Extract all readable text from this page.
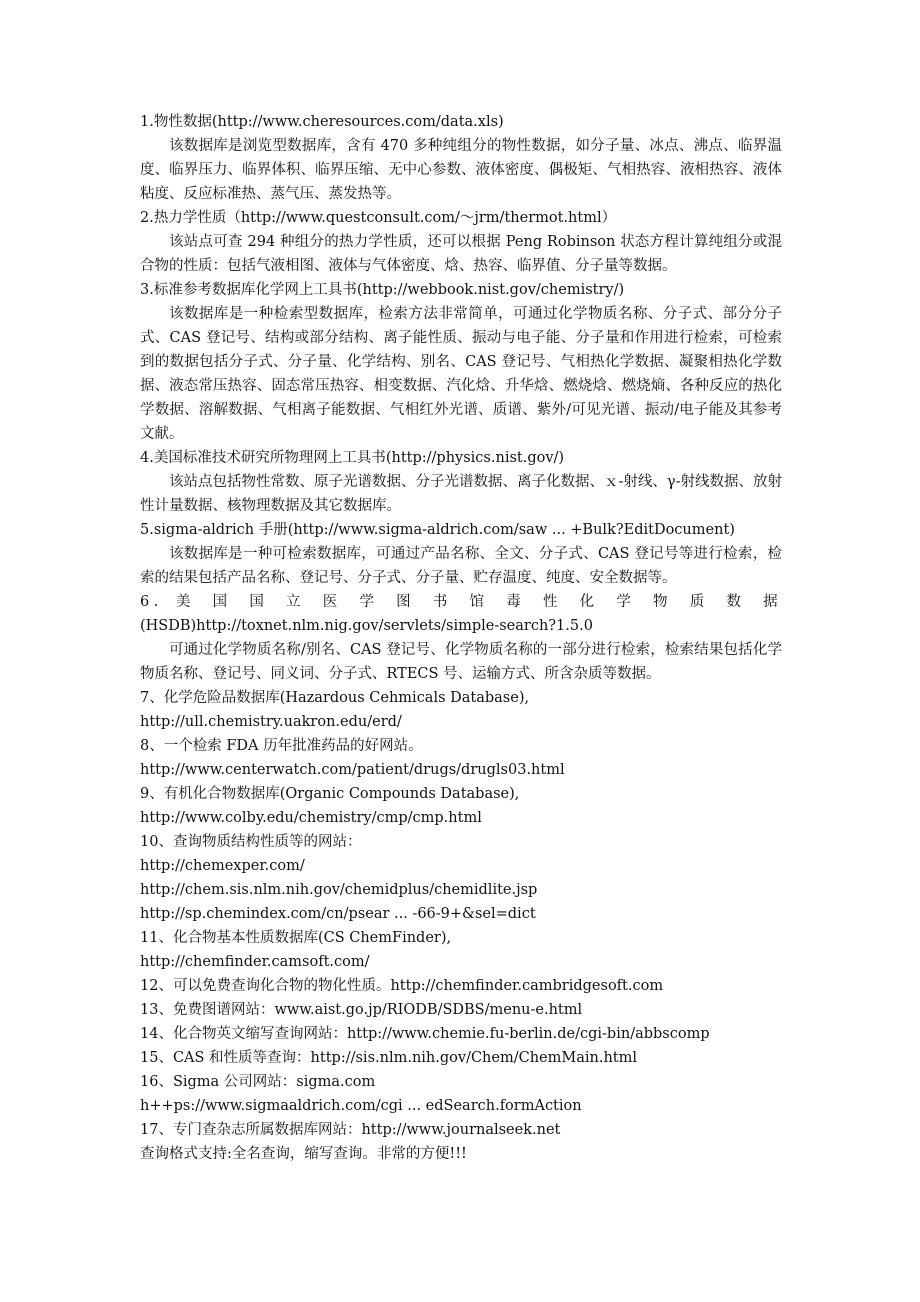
1.物性数据(http://www.cheresources.com/data.xls)
该数据库是浏览型数据库，含有 470 多种纯组分的物性数据，如分子量、冰点、沸点、临界温度、临界压力、临界体积、临界压缩、无中心参数、液体密度、偶极矩、气相热容、液相热容、液体粘度、反应标准热、蒸气压、蒸发热等。
2.热力学性质（http://www.questconsult.com/～jrm/thermot.html）
该站点可查 294 种组分的热力学性质，还可以根据 Peng Robinson 状态方程计算纯组分或混合物的性质：包括气液相图、液体与气体密度、焓、热容、临界值、分子量等数据。
3.标准参考数据库化学网上工具书(http://webbook.nist.gov/chemistry/)
该数据库是一种检索型数据库，检索方法非常简单，可通过化学物质名称、分子式、部分分子式、CAS 登记号、结构或部分结构、离子能性质、振动与电子能、分子量和作用进行检索，可检索到的数据包括分子式、分子量、化学结构、别名、CAS 登记号、气相热化学数据、凝聚相热化学数据、液态常压热容、固态常压热容、相变数据、汽化焓、升华焓、燃烧焓、燃烧熵、各种反应的热化学数据、溶解数据、气相离子能数据、气相红外光谱、质谱、紫外/可见光谱、振动/电子能及其参考文献。
4.美国标准技术研究所物理网上工具书(http://physics.nist.gov/)
该站点包括物性常数、原子光谱数据、分子光谱数据、离子化数据、ｘ-射线、γ-射线数据、放射性计量数据、核物理数据及其它数据库。
5.sigma-aldrich 手册(http://www.sigma-aldrich.com/saw ... +Bulk?EditDocument)
该数据库是一种可检索数据库，可通过产品名称、全文、分子式、CAS 登记号等进行检索，检索的结果包括产品名称、登记号、分子式、分子量、贮存温度、纯度、安全数据等。
6. 美 国 国 立 医 学 图 书 馆 毒 性 化 学 物 质 数 据
(HSDB)http://toxnet.nlm.nig.gov/servlets/simple-search?1.5.0
可通过化学物质名称/别名、CAS 登记号、化学物质名称的一部分进行检索，检索结果包括化学物质名称、登记号、同义词、分子式、RTECS 号、运输方式、所含杂质等数据。
7、化学危险品数据库(Hazardous Cehmicals Database),
http://ull.chemistry.uakron.edu/erd/
8、一个检索 FDA 历年批准药品的好网站。
http://www.centerwatch.com/patient/drugs/drugls03.html
9、有机化合物数据库(Organic Compounds Database),
http://www.colby.edu/chemistry/cmp/cmp.html
10、查询物质结构性质等的网站：
http://chemexper.com/
http://chem.sis.nlm.nih.gov/chemidplus/chemidlite.jsp
http://sp.chemindex.com/cn/psear ... -66-9+&sel=dict
11、化合物基本性质数据库(CS ChemFinder),
http://chemfinder.camsoft.com/
12、可以免费查询化合物的物化性质。http://chemfinder.cambridgesoft.com
13、免费图谱网站：www.aist.go.jp/RIODB/SDBS/menu-e.html
14、化合物英文缩写查询网站：http://www.chemie.fu-berlin.de/cgi-bin/abbscomp
15、CAS 和性质等查询：http://sis.nlm.nih.gov/Chem/ChemMain.html
16、Sigma 公司网站：sigma.com
h++ps://www.sigmaaldrich.com/cgi ... edSearch.formAction
17、专门查杂志所属数据库网站：http://www.journalseek.net
查询格式支持:全名查询，缩写查询。非常的方便!!!
